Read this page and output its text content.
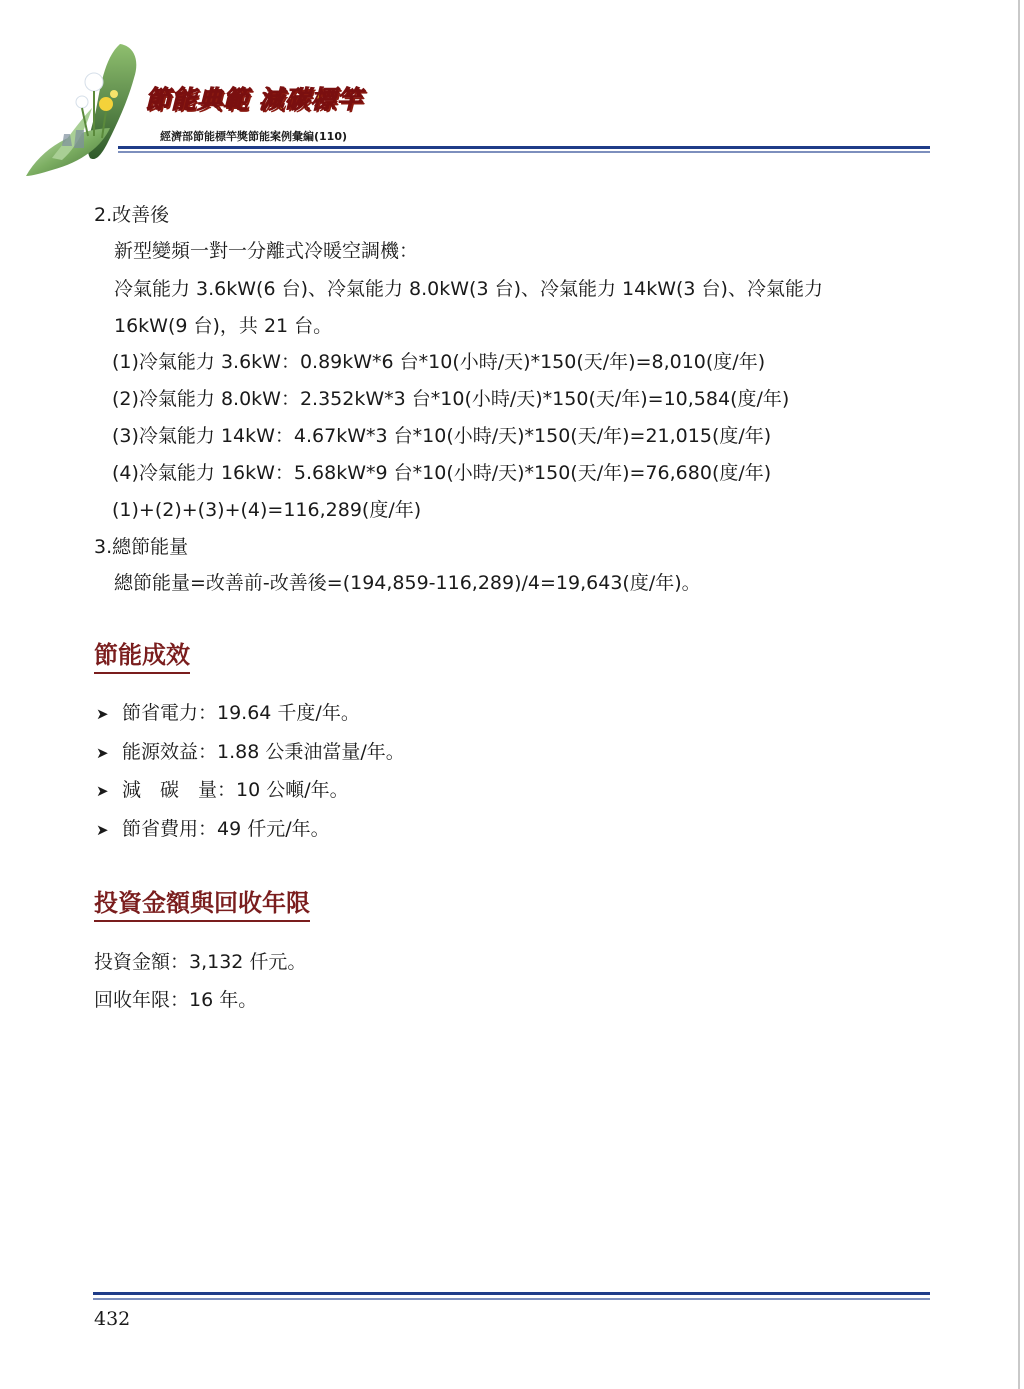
節能典範 減碳標竿
經濟部節能標竿獎節能案例彙編(110)
2.改善後
新型變頻一對一分離式冷暖空調機：
冷氣能力 3.6kW(6 台)、冷氣能力 8.0kW(3 台)、冷氣能力 14kW(3 台)、冷氣能力
16kW(9 台)，共 21 台。
(1)冷氣能力 3.6kW：0.89kW*6 台*10(小時/天)*150(天/年)=8,010(度/年)
(2)冷氣能力 8.0kW：2.352kW*3 台*10(小時/天)*150(天/年)=10,584(度/年)
(3)冷氣能力 14kW：4.67kW*3 台*10(小時/天)*150(天/年)=21,015(度/年)
(4)冷氣能力 16kW：5.68kW*9 台*10(小時/天)*150(天/年)=76,680(度/年)
(1)+(2)+(3)+(4)=116,289(度/年)
3.總節能量
總節能量=改善前-改善後=(194,859-116,289)/4=19,643(度/年)。
節能成效
➤ 節省電力：19.64 千度/年。
➤ 能源效益：1.88 公秉油當量/年。
➤ 減　碳　量：10 公噸/年。
➤ 節省費用：49 仟元/年。
投資金額與回收年限
投資金額：3,132 仟元。
回收年限：16 年。
432
